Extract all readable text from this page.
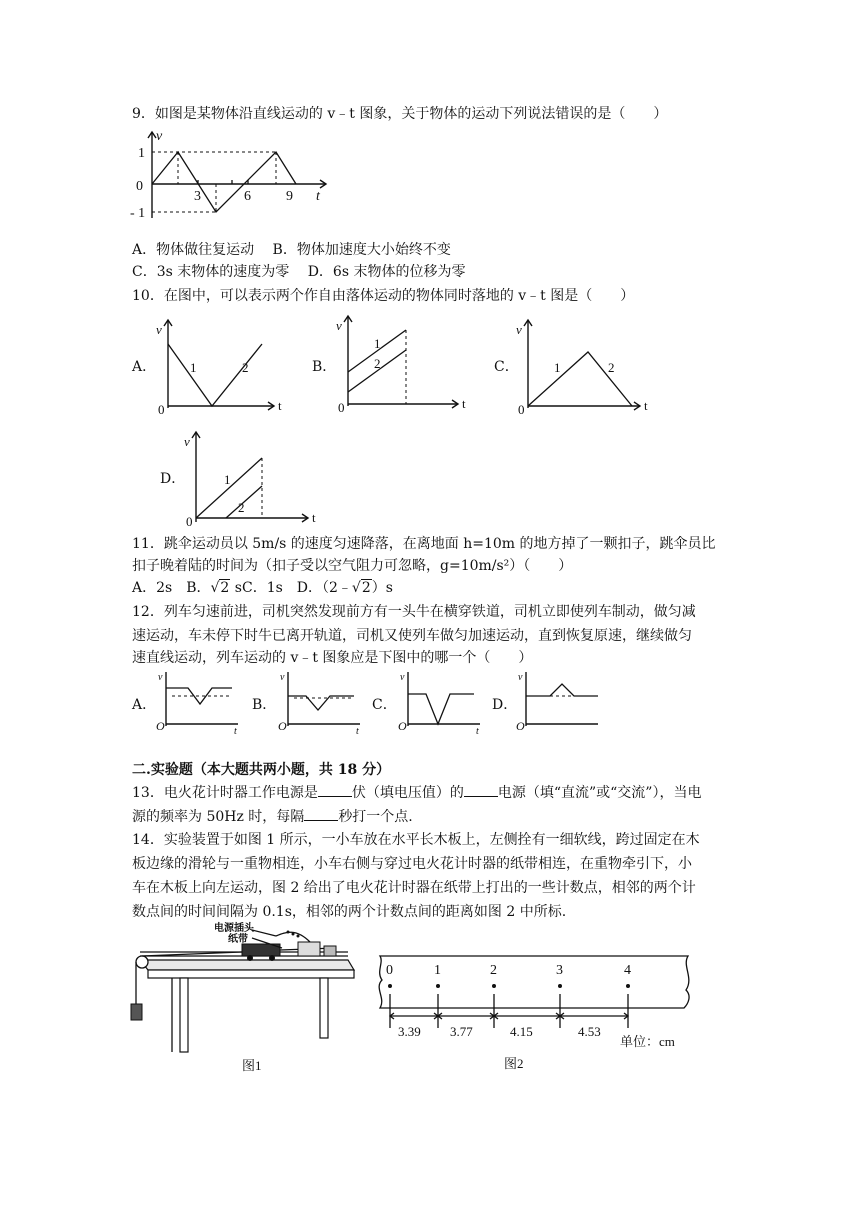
9．如图是某物体沿直线运动的 v﹣t 图象，关于物体的运动下列说法错误的是（　　）
v
1
0
- 1
3	6	9 t
A．物体做往复运动　 B．物体加速度大小始终不变
C．3s 末物体的速度为零　 D．6s 末物体的位移为零
10．在图中，可以表示两个作自由落体运动的物体同时落地的 v﹣t 图是（　　）
A．
v
0	t
1	2	B．
v
0	t
1
2	C．
v
0	t
1	2
D．
v
0	t
1
2
11．跳伞运动员以 5m/s 的速度匀速降落，在离地面 h=10m 的地方掉了一颗扣子，跳伞员比
扣子晚着陆的时间为（扣子受以空气阻力可忽略，g=10m/s²）（　　）
A．2s　B．√2 sC．1s　D．（2﹣√2）s
12．列车匀速前进，司机突然发现前方有一头牛在横穿铁道，司机立即使列车制动，做匀减
速运动，车未停下时牛已离开轨道，司机又使列车做匀加速运动，直到恢复原速，继续做匀
速直线运动，列车运动的 v﹣t 图象应是下图中的哪一个（　　）
A．
v
O	t
B．
v
O	t
C．
v
O	t
D．
v
O
二.实验题（本大题共两小题，共 18 分）
13．电火花计时器工作电源是 伏（填电压值）的 电源（填“直流”或“交流”），当电
源的频率为 50Hz 时，每隔 秒打一个点.
14．实验装置于如图 1 所示，一小车放在水平长木板上，左侧拴有一细软线，跨过固定在木
板边缘的滑轮与一重物相连，小车右侧与穿过电火花计时器的纸带相连，在重物牵引下，小
车在木板上向左运动，图 2 给出了电火花计时器在纸带上打出的一些计数点，相邻的两个计
数点间的时间间隔为 0.1s，相邻的两个计数点间的距离如图 2 中所标.
电源插头
纸带
图1
0	1	2	3	4
3.39 3.77	4.15	4.53
单位：cm
图2
